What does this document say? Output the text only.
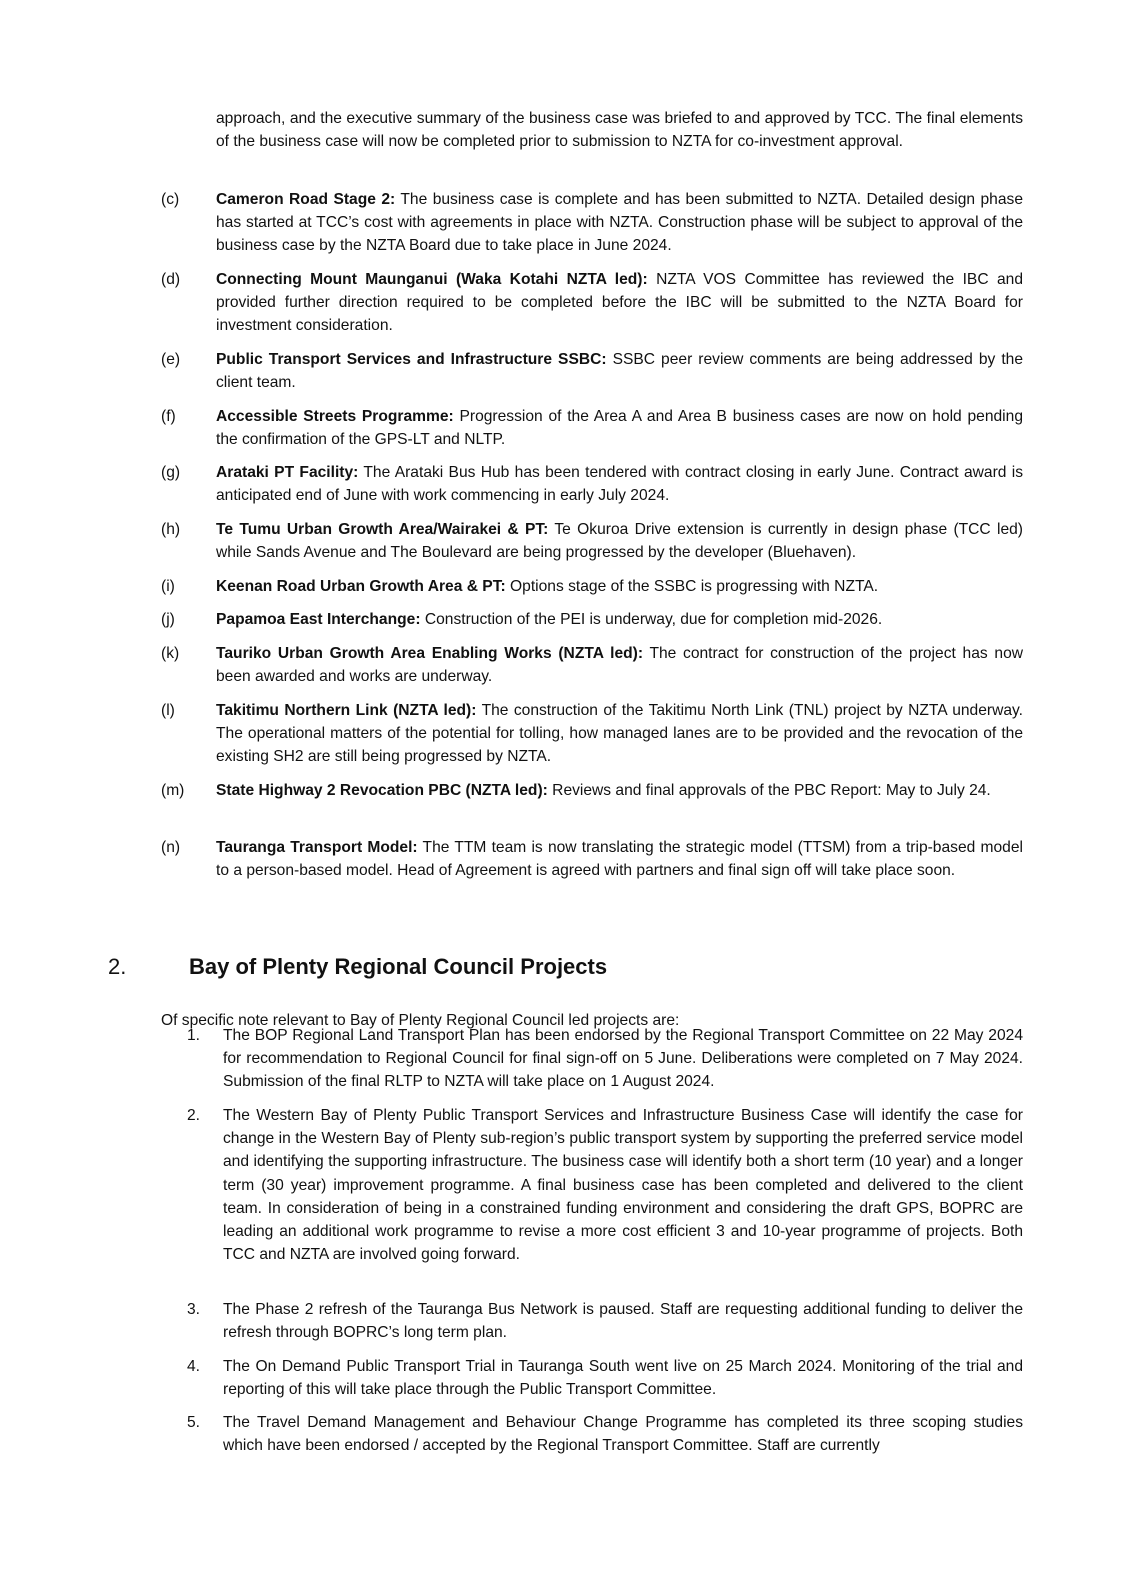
approach, and the executive summary of the business case was briefed to and approved by TCC. The final elements of the business case will now be completed prior to submission to NZTA for co-investment approval.
(c) Cameron Road Stage 2: The business case is complete and has been submitted to NZTA. Detailed design phase has started at TCC’s cost with agreements in place with NZTA. Construction phase will be subject to approval of the business case by the NZTA Board due to take place in June 2024.
(d) Connecting Mount Maunganui (Waka Kotahi NZTA led): NZTA VOS Committee has reviewed the IBC and provided further direction required to be completed before the IBC will be submitted to the NZTA Board for investment consideration.
(e) Public Transport Services and Infrastructure SSBC: SSBC peer review comments are being addressed by the client team.
(f)	Accessible Streets Programme: Progression of the Area A and Area B business cases are now on hold pending the confirmation of the GPS-LT and NLTP.
(g) Arataki PT Facility: The Arataki Bus Hub has been tendered with contract closing in early June. Contract award is anticipated end of June with work commencing in early July 2024.
(h) Te Tumu Urban Growth Area/Wairakei & PT: Te Okuroa Drive extension is currently in design phase (TCC led) while Sands Avenue and The Boulevard are being progressed by the developer (Bluehaven).
(i)	Keenan Road Urban Growth Area & PT: Options stage of the SSBC is progressing with NZTA.
(j)	Papamoa East Interchange: Construction of the PEI is underway, due for completion mid-2026.
(k) Tauriko Urban Growth Area Enabling Works (NZTA led): The contract for construction of the project has now been awarded and works are underway.
(l)	Takitimu Northern Link (NZTA led): The construction of the Takitimu North Link (TNL) project by NZTA underway. The operational matters of the potential for tolling, how managed lanes are to be provided and the revocation of the existing SH2 are still being progressed by NZTA.
(m) State Highway 2 Revocation PBC (NZTA led): Reviews and final approvals of the PBC Report: May to July 24.
(n) Tauranga Transport Model: The TTM team is now translating the strategic model (TTSM) from a trip-based model to a person-based model. Head of Agreement is agreed with partners and final sign off will take place soon.
2.	Bay of Plenty Regional Council Projects
Of specific note relevant to Bay of Plenty Regional Council led projects are:
1. The BOP Regional Land Transport Plan has been endorsed by the Regional Transport Committee on 22 May 2024 for recommendation to Regional Council for final sign-off on 5 June. Deliberations were completed on 7 May 2024. Submission of the final RLTP to NZTA will take place on 1 August 2024.
2. The Western Bay of Plenty Public Transport Services and Infrastructure Business Case will identify the case for change in the Western Bay of Plenty sub-region’s public transport system by supporting the preferred service model and identifying the supporting infrastructure. The business case will identify both a short term (10 year) and a longer term (30 year) improvement programme. A final business case has been completed and delivered to the client team. In consideration of being in a constrained funding environment and considering the draft GPS, BOPRC are leading an additional work programme to revise a more cost efficient 3 and 10-year programme of projects. Both TCC and NZTA are involved going forward.
3. The Phase 2 refresh of the Tauranga Bus Network is paused. Staff are requesting additional funding to deliver the refresh through BOPRC’s long term plan.
4. The On Demand Public Transport Trial in Tauranga South went live on 25 March 2024. Monitoring of the trial and reporting of this will take place through the Public Transport Committee.
5. The Travel Demand Management and Behaviour Change Programme has completed its three scoping studies which have been endorsed / accepted by the Regional Transport Committee. Staff are currently
